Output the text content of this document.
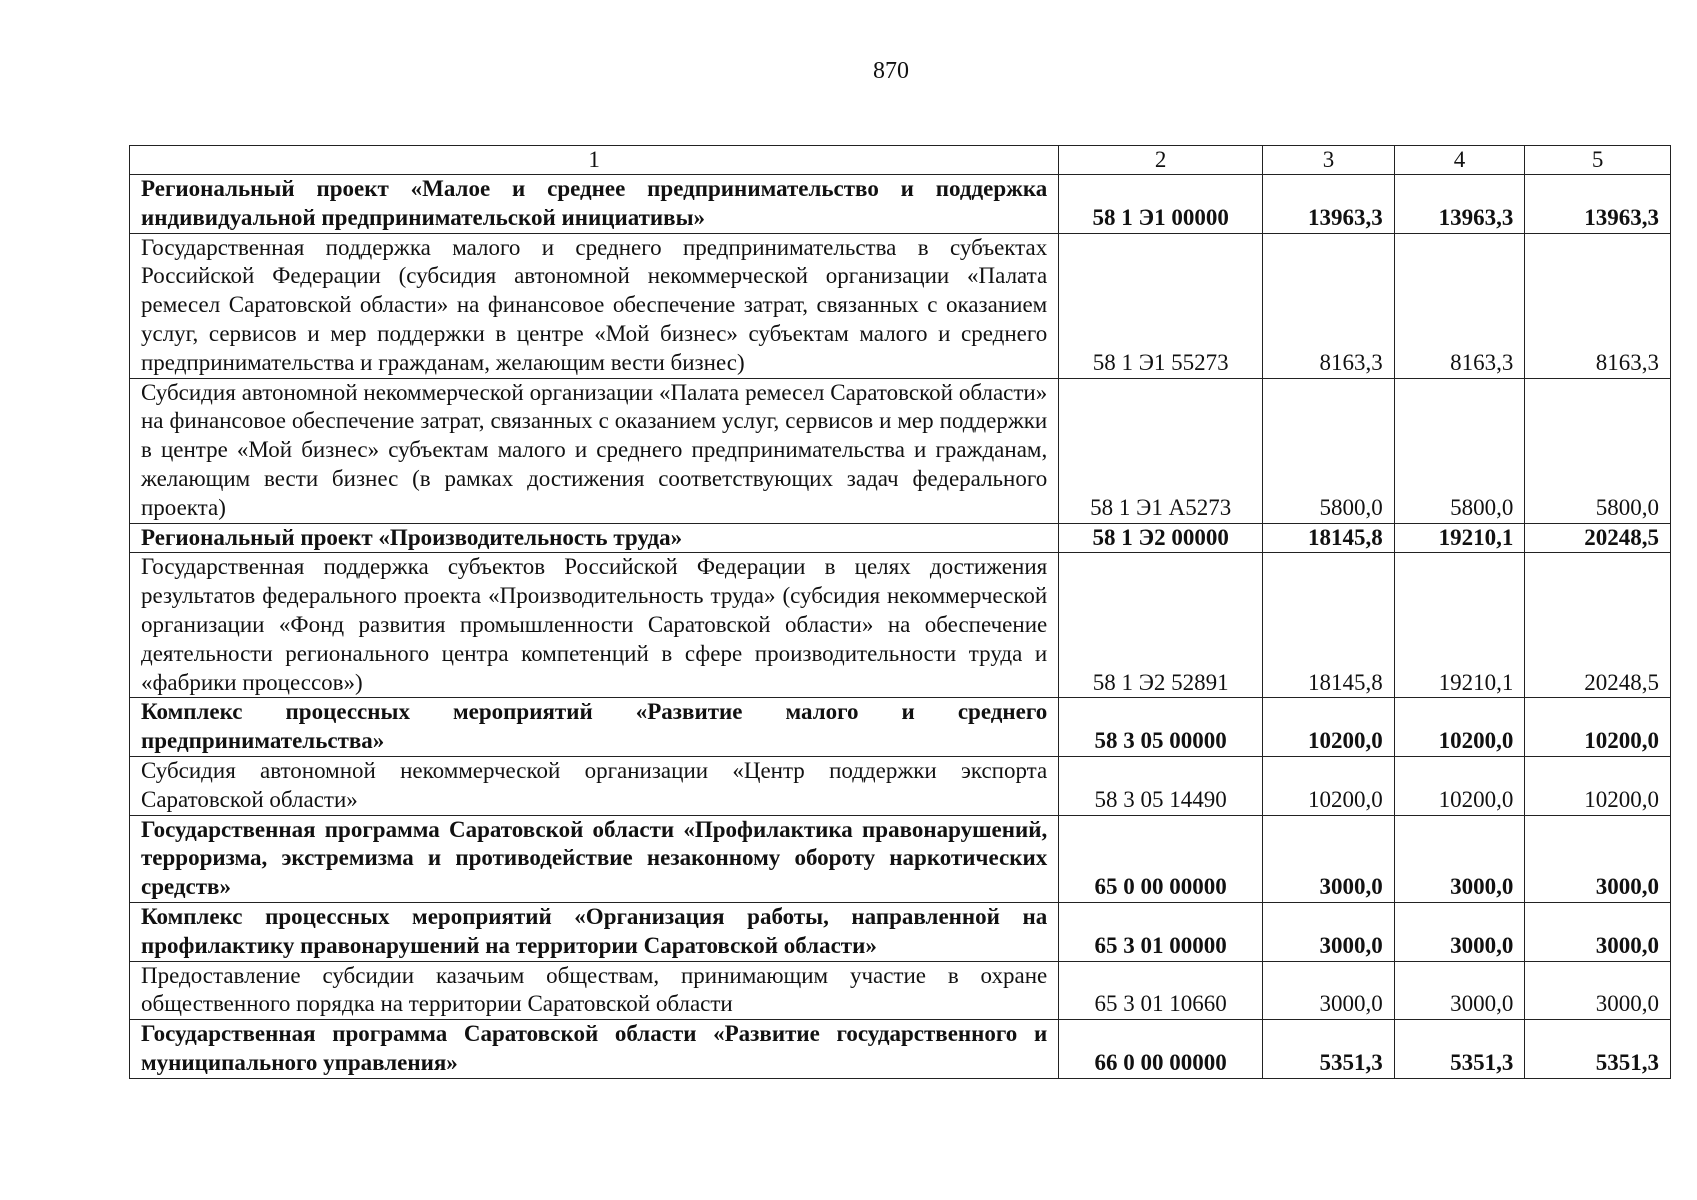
870
1	2	3	4	5
Региональный проект «Малое и среднее предпринимательство и поддержка индивидуальной предпринимательской инициативы»	58 1 Э1 00000	13963,3	13963,3	13963,3
Государственная поддержка малого и среднего предпринимательства в субъектах Российской Федерации (субсидия автономной некоммерческой организации «Палата ремесел Саратовской области» на финансовое обеспечение затрат, связанных с оказанием услуг, сервисов и мер поддержки в центре «Мой бизнес» субъектам малого и среднего предпринимательства и гражданам, желающим вести бизнес)	58 1 Э1 55273	8163,3	8163,3	8163,3
Субсидия автономной некоммерческой организации «Палата ремесел Саратовской области» на финансовое обеспечение затрат, связанных с оказанием услуг, сервисов и мер поддержки в центре «Мой бизнес» субъектам малого и среднего предпринимательства и гражданам, желающим вести бизнес (в рамках достижения соответствующих задач федерального проекта)	58 1 Э1 А5273	5800,0	5800,0	5800,0
Региональный проект «Производительность труда»	58 1 Э2 00000	18145,8	19210,1	20248,5
Государственная поддержка субъектов Российской Федерации в целях достижения результатов федерального проекта «Производительность труда» (субсидия некоммерческой организации «Фонд развития промышленности Саратовской области» на обеспечение деятельности регионального центра компетенций в сфере производительности труда и «фабрики процессов»)	58 1 Э2 52891	18145,8	19210,1	20248,5
Комплекс процессных мероприятий «Развитие малого и среднего предпринимательства»	58 3 05 00000	10200,0	10200,0	10200,0
Субсидия автономной некоммерческой организации «Центр поддержки экспорта Саратовской области»	58 3 05 14490	10200,0	10200,0	10200,0
Государственная программа Саратовской области «Профилактика правонарушений, терроризма, экстремизма и противодействие незаконному обороту наркотических средств»	65 0 00 00000	3000,0	3000,0	3000,0
Комплекс процессных мероприятий «Организация работы, направленной на профилактику правонарушений на территории Саратовской области»	65 3 01 00000	3000,0	3000,0	3000,0
Предоставление субсидии казачьим обществам, принимающим участие в охране общественного порядка на территории Саратовской области	65 3 01 10660	3000,0	3000,0	3000,0
Государственная программа Саратовской области «Развитие государственного и муниципального управления»	66 0 00 00000	5351,3	5351,3	5351,3
